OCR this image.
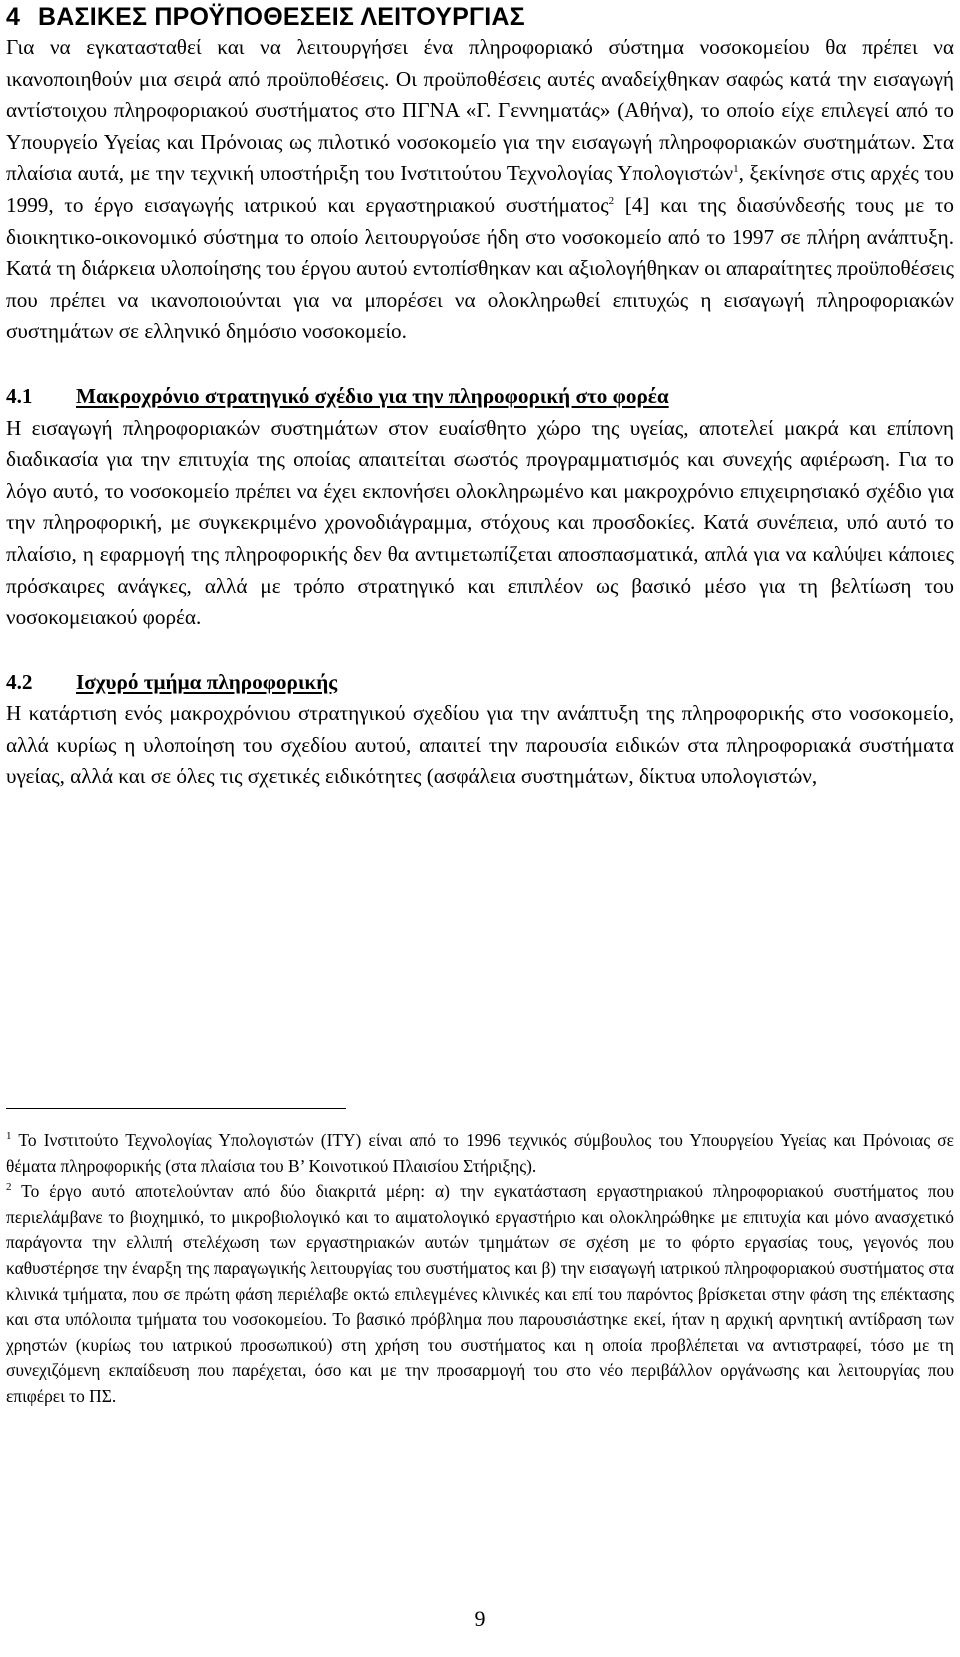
4 ΒΑΣΙΚΕΣ ΠΡΟΫΠΟΘΕΣΕΙΣ ΛΕΙΤΟΥΡΓΙΑΣ

Για να εγκατασταθεί και να λειτουργήσει ένα πληροφοριακό σύστημα νοσοκομείου θα πρέπει να ικανοποιηθούν μια σειρά από προϋποθέσεις. Οι προϋποθέσεις αυτές αναδείχθηκαν σαφώς κατά την εισαγωγή αντίστοιχου πληροφοριακού συστήματος στο ΠΓΝΑ «Γ. Γεννηματάς» (Αθήνα), το οποίο είχε επιλεγεί από το Υπουργείο Υγείας και Πρόνοιας ως πιλοτικό νοσοκομείο για την εισαγωγή πληροφοριακών συστημάτων. Στα πλαίσια αυτά, με την τεχνική υποστήριξη του Ινστιτούτου Τεχνολογίας Υπολογιστών$^1$, ξεκίνησε στις αρχές του 1999, το έργο εισαγωγής ιατρικού και εργαστηριακού συστήματος$^2$ [4] και της διασύνδεσής τους με το διοικητικο-οικονομικό σύστημα το οποίο λειτουργούσε ήδη στο νοσοκομείο από το 1997 σε πλήρη ανάπτυξη. Κατά τη διάρκεια υλοποίησης του έργου αυτού εντοπίσθηκαν και αξιολογήθηκαν οι απαραίτητες προϋποθέσεις που πρέπει να ικανοποιούνται για να μπορέσει να ολοκληρωθεί επιτυχώς η εισαγωγή πληροφοριακών συστημάτων σε ελληνικό δημόσιο νοσοκομείο.

4.1 Μακροχρόνιο στρατηγικό σχέδιο για την πληροφορική στο φορέα

Η εισαγωγή πληροφοριακών συστημάτων στον ευαίσθητο χώρο της υγείας, αποτελεί μακρά και επίπονη διαδικασία για την επιτυχία της οποίας απαιτείται σωστός προγραμματισμός και συνεχής αφιέρωση. Για το λόγο αυτό, το νοσοκομείο πρέπει να έχει εκπονήσει ολοκληρωμένο και μακροχρόνιο επιχειρησιακό σχέδιο για την πληροφορική, με συγκεκριμένο χρονοδιάγραμμα, στόχους και προσδοκίες. Κατά συνέπεια, υπό αυτό το πλαίσιο, η εφαρμογή της πληροφορικής δεν θα αντιμετωπίζεται αποσπασματικά, απλά για να καλύψει κάποιες πρόσκαιρες ανάγκες, αλλά με τρόπο στρατηγικό και επιπλέον ως βασικό μέσο για τη βελτίωση του νοσοκομειακού φορέα.

4.2 Ισχυρό τμήμα πληροφορικής

Η κατάρτιση ενός μακροχρόνιου στρατηγικού σχεδίου για την ανάπτυξη της πληροφορικής στο νοσοκομείο, αλλά κυρίως η υλοποίηση του σχεδίου αυτού, απαιτεί την παρουσία ειδικών στα πληροφοριακά συστήματα υγείας, αλλά και σε όλες τις σχετικές ειδικότητες (ασφάλεια συστημάτων, δίκτυα υπολογιστών,

$^1$ Το Ινστιτούτο Τεχνολογίας Υπολογιστών (ΙΤΥ) είναι από το 1996 τεχνικός σύμβουλος του Υπουργείου Υγείας και Πρόνοιας σε θέματα πληροφορικής (στα πλαίσια του Β’ Κοινοτικού Πλαισίου Στήριξης).

$^2$ Το έργο αυτό αποτελούνταν από δύο διακριτά μέρη: α) την εγκατάσταση εργαστηριακού πληροφοριακού συστήματος που περιελάμβανε το βιοχημικό, το μικροβιολογικό και το αιματολογικό εργαστήριο και ολοκληρώθηκε με επιτυχία και μόνο ανασχετικό παράγοντα την ελλιπή στελέχωση των εργαστηριακών αυτών τμημάτων σε σχέση με το φόρτο εργασίας τους, γεγονός που καθυστέρησε την έναρξη της παραγωγικής λειτουργίας του συστήματος και β) την εισαγωγή ιατρικού πληροφοριακού συστήματος στα κλινικά τμήματα, που σε πρώτη φάση περιέλαβε οκτώ επιλεγμένες κλινικές και επί του παρόντος βρίσκεται στην φάση της επέκτασης και στα υπόλοιπα τμήματα του νοσοκομείου. Το βασικό πρόβλημα που παρουσιάστηκε εκεί, ήταν η αρχική αρνητική αντίδραση των χρηστών (κυρίως του ιατρικού προσωπικού) στη χρήση του συστήματος και η οποία προβλέπεται να αντιστραφεί, τόσο με τη συνεχιζόμενη εκπαίδευση που παρέχεται, όσο και με την προσαρμογή του στο νέο περιβάλλον οργάνωσης και λειτουργίας που επιφέρει το ΠΣ.

9
